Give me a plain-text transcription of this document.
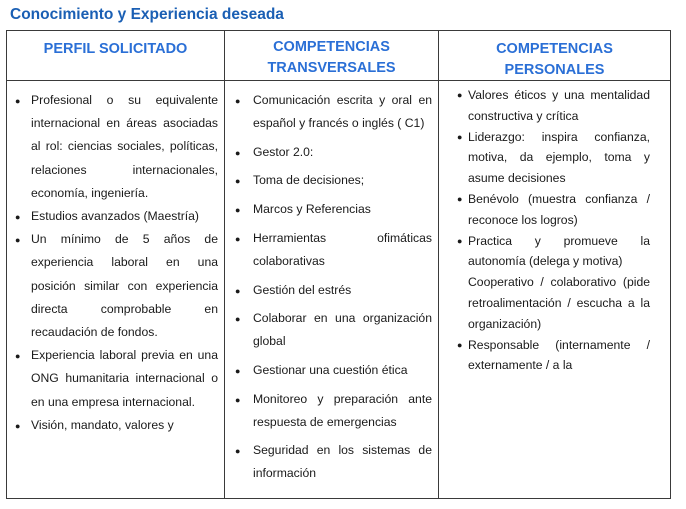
Conocimiento y Experiencia deseada
PERFIL SOLICITADO
● Profesional o su equivalente internacional en áreas asociadas al rol: ciencias sociales, políticas, relaciones internacionales, economía, ingeniería.
● Estudios avanzados (Maestría)
● Un mínimo de 5 años de experiencia laboral en una posición similar con experiencia directa comprobable en recaudación de fondos.
● Experiencia laboral previa en una ONG humanitaria internacional o en una empresa internacional.
● Visión, mandato, valores y
COMPETENCIAS
TRANSVERSALES
● Comunicación escrita y oral en español y francés o inglés ( C1)
● Gestor 2.0:
● Toma de decisiones;
● Marcos y Referencias
● Herramientas ofimáticas colaborativas
● Gestión del estrés
● Colaborar en una organización global
● Gestionar una cuestión ética
● Monitoreo y preparación ante respuesta de emergencias
● Seguridad en los sistemas de información
COMPETENCIAS
PERSONALES
● Valores éticos y una mentalidad constructiva y crítica
● Liderazgo: inspira confianza, motiva, da ejemplo, toma y asume decisiones
● Benévolo (muestra confianza / reconoce los logros)
● Practica y promueve la autonomía (delega y motiva)
Cooperativo / colaborativo (pide retroalimentación / escucha a la organización)
● Responsable (internamente / externamente / a la
